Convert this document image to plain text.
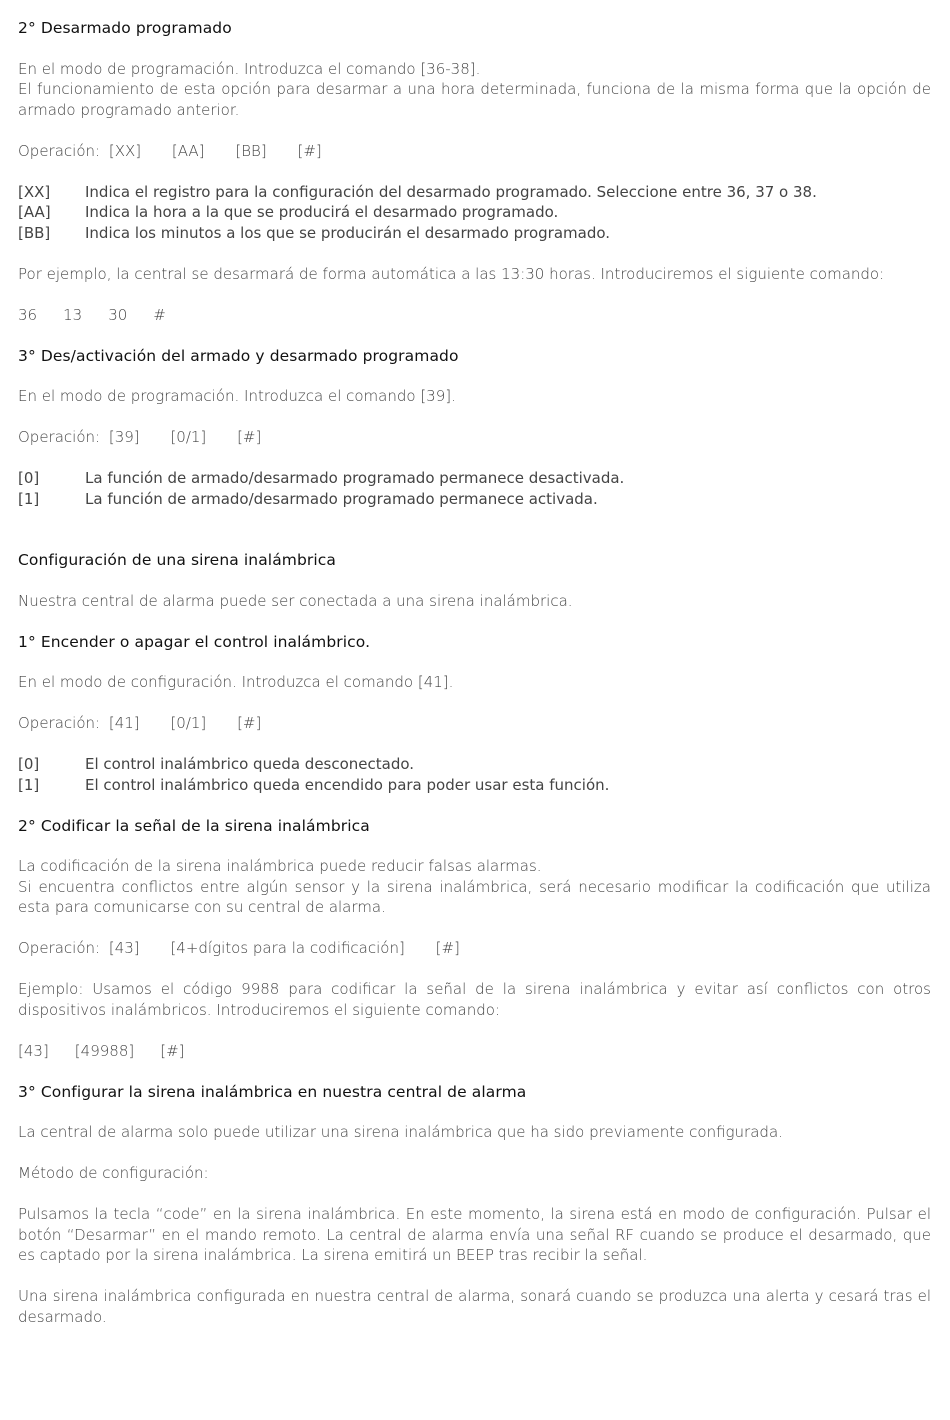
2° Desarmado programado

En el modo de programación. Introduzca el comando [36-38].

El funcionamiento de esta opción para desarmar a una hora determinada, funciona de la misma forma que la opción de armado programado anterior.

Operación: [XX] [AA] [BB] [#]

[XX]	Indica el registro para la configuración del desarmado programado. Seleccione entre 36, 37 o 38.
[AA]	Indica la hora a la que se producirá el desarmado programado.
[BB]	Indica los minutos a los que se producirán el desarmado programado.

Por ejemplo, la central se desarmará de forma automática a las 13:30 horas. Introduciremos el siguiente comando:

36 13 30 #

3° Des/activación del armado y desarmado programado

En el modo de programación. Introduzca el comando [39].

Operación: [39] [0/1] [#]

[0]	La función de armado/desarmado programado permanece desactivada.
[1]	La función de armado/desarmado programado permanece activada.
Configuración de una sirena inalámbrica

Nuestra central de alarma puede ser conectada a una sirena inalámbrica.

1° Encender o apagar el control inalámbrico.

En el modo de configuración. Introduzca el comando [41].

Operación: [41] [0/1] [#]

[0]	El control inalámbrico queda desconectado.
[1]	El control inalámbrico queda encendido para poder usar esta función.
2° Codificar la señal de la sirena inalámbrica

La codificación de la sirena inalámbrica puede reducir falsas alarmas.

Si encuentra conflictos entre algún sensor y la sirena inalámbrica, será necesario modificar la codificación que utiliza esta para comunicarse con su central de alarma.

Operación: [43] [4+dígitos para la codificación] [#]

Ejemplo: Usamos el código 9988 para codificar la señal de la sirena inalámbrica y evitar así conflictos con otros dispositivos inalámbricos. Introduciremos el siguiente comando:

[43] [49988] [#]

3° Configurar la sirena inalámbrica en nuestra central de alarma

La central de alarma solo puede utilizar una sirena inalámbrica que ha sido previamente configurada.

Método de configuración:

Pulsamos la tecla “code” en la sirena inalámbrica. En este momento, la sirena está en modo de configuración. Pulsar el botón “Desarmar” en el mando remoto. La central de alarma envía una señal RF cuando se produce el desarmado, que es captado por la sirena inalámbrica. La sirena emitirá un BEEP tras recibir la señal.

Una sirena inalámbrica configurada en nuestra central de alarma, sonará cuando se produzca una alerta y cesará tras el desarmado.
